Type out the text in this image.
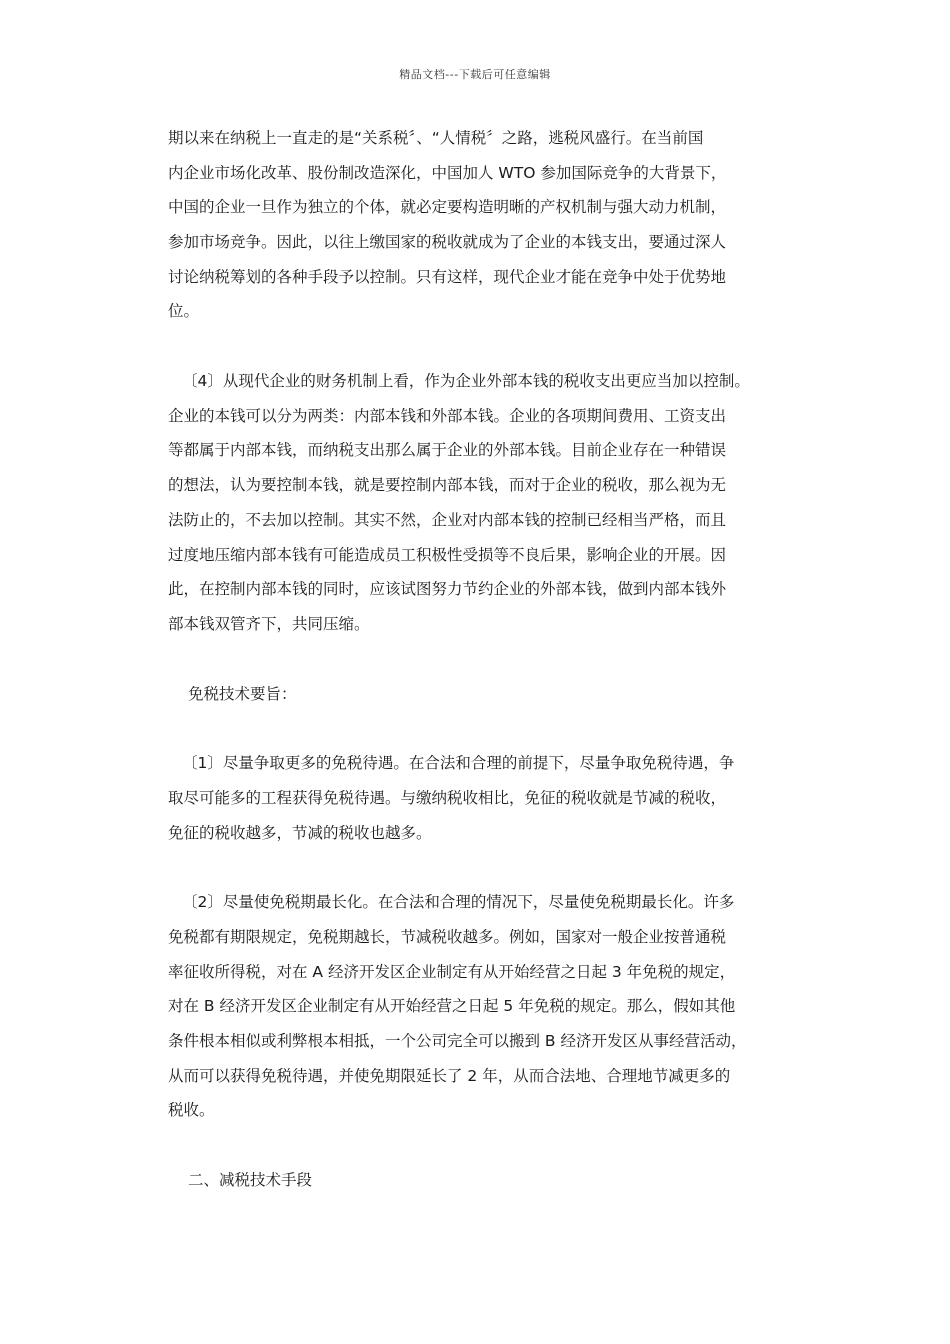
精品文档---下载后可任意编辑
期以来在纳税上一直走的是“关系税〞、“人情税〞之路，逃税风盛行。在当前国
内企业市场化改革、股份制改造深化，中国加人 WTO 参加国际竞争的大背景下，
中国的企业一旦作为独立的个体，就必定要构造明晰的产权机制与强大动力机制，
参加市场竞争。因此，以往上缴国家的税收就成为了企业的本钱支出，要通过深人
讨论纳税筹划的各种手段予以控制。只有这样，现代企业才能在竞争中处于优势地
位。
〔4〕从现代企业的财务机制上看，作为企业外部本钱的税收支出更应当加以控制。
企业的本钱可以分为两类：内部本钱和外部本钱。企业的各项期间费用、工资支出
等都属于内部本钱，而纳税支出那么属于企业的外部本钱。目前企业存在一种错误
的想法，认为要控制本钱，就是要控制内部本钱，而对于企业的税收，那么视为无
法防止的，不去加以控制。其实不然，企业对内部本钱的控制已经相当严格，而且
过度地压缩内部本钱有可能造成员工积极性受损等不良后果，影响企业的开展。因
此，在控制内部本钱的同时，应该试图努力节约企业的外部本钱，做到内部本钱外
部本钱双管齐下，共同压缩。
免税技术要旨：
〔1〕尽量争取更多的免税待遇。在合法和合理的前提下，尽量争取免税待遇，争
取尽可能多的工程获得免税待遇。与缴纳税收相比，免征的税收就是节减的税收，
免征的税收越多，节减的税收也越多。
〔2〕尽量使免税期最长化。在合法和合理的情况下，尽量使免税期最长化。许多
免税都有期限规定，免税期越长，节减税收越多。例如，国家对一般企业按普通税
率征收所得税，对在 A 经济开发区企业制定有从开始经营之日起 3 年免税的规定，
对在 B 经济开发区企业制定有从开始经营之日起 5 年免税的规定。那么，假如其他
条件根本相似或利弊根本相抵，一个公司完全可以搬到 B 经济开发区从事经营活动，
从而可以获得免税待遇，并使免期限延长了 2 年，从而合法地、合理地节减更多的
税收。
二、减税技术手段
